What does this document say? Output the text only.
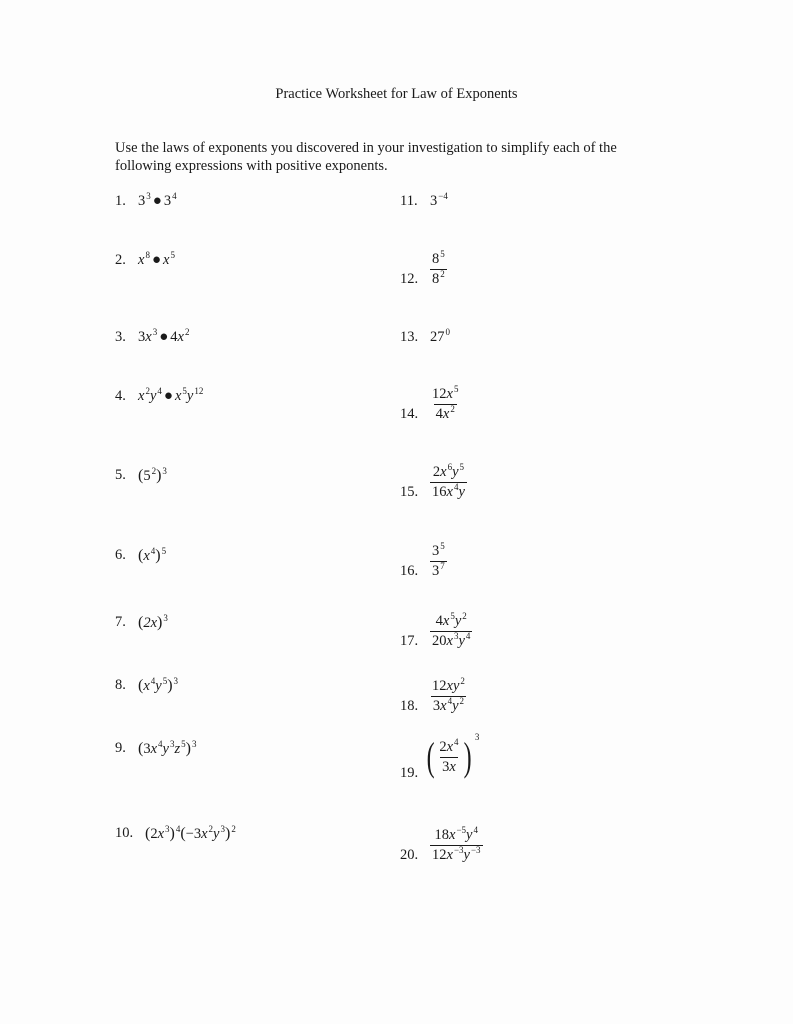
Practice Worksheet for Law of Exponents
Use the laws of exponents you discovered in your investigation to simplify each of the following expressions with positive exponents.
1. $3^3$ ● $3^4$
2. $x^8$ ● $x^5$
3. $3x^3$ ● $4x^2$
4. $x^2y^4$ ● $x^5y^{12}$
5. $(5^2)^3$
6. $(x^4)^5$
7. $(2x)^3$
8. $(x^4y^5)^3$
9. $(3x^4y^3z^5)^3$
10. $(2x^3)^4(-3x^2y^3)^2$
11. $3^{-4}$
12. $\frac{8^5}{8^2}$
13. $27^0$
14. $\frac{12x^5}{4x^2}$
15. $\frac{2x^6y^5}{16x^4y}$
16. $\frac{3^5}{3^7}$
17. $\frac{4x^5y^2}{20x^3y^4}$
18. $\frac{12xy^2}{3x^4y^2}$
19. ( $\frac{2x^4}{3x}$ ) $^3$
20. $\frac{18x^{-5}y^4}{12x^{-3}y^{-3}}$
